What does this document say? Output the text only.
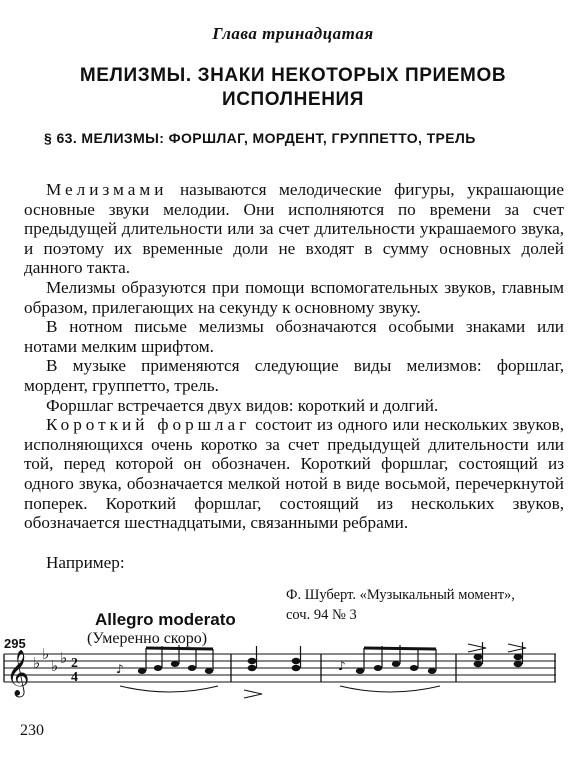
Глава тринадцатая
МЕЛИЗМЫ. ЗНАКИ НЕКОТОРЫХ ПРИЕМОВ
ИСПОЛНЕНИЯ
§ 63. МЕЛИЗМЫ: ФОРШЛАГ, МОРДЕНТ, ГРУППЕТТО, ТРЕЛЬ

Мелизмами называются мелодические фигуры, украшающие основные звуки мелодии. Они исполняются по времени за счет предыдущей длительности или за счет длительности украшаемого звука, и поэтому их временные доли не входят в сумму основных долей данного такта.

Мелизмы образуются при помощи вспомогательных звуков, главным образом, прилегающих на секунду к основному звуку.

В нотном письме мелизмы обозначаются особыми знаками или нотами мелким шрифтом.

В музыке применяются следующие виды мелизмов: форшлаг, мордент, группетто, трель.

Форшлаг встречается двух видов: короткий и долгий.

Короткий форшлаг состоит из одного или нескольких звуков, исполняющихся очень коротко за счет предыдущей длительности или той, перед которой он обозначен. Короткий форшлаг, состоящий из одного звука, обозначается мелкой нотой в виде восьмой, перечеркнутой поперек. Короткий форшлаг, состоящий из нескольких звуков, обозначается шестнадцатыми, связанными ребрами.

Например:
Ф. Шуберт. «Музыкальный момент»,
соч. 94 № 3
Allegro moderato
(Умеренно скоро)
295
𝄞 ♭ ♭
♭ ♭ 2
4
♪	♪
230
